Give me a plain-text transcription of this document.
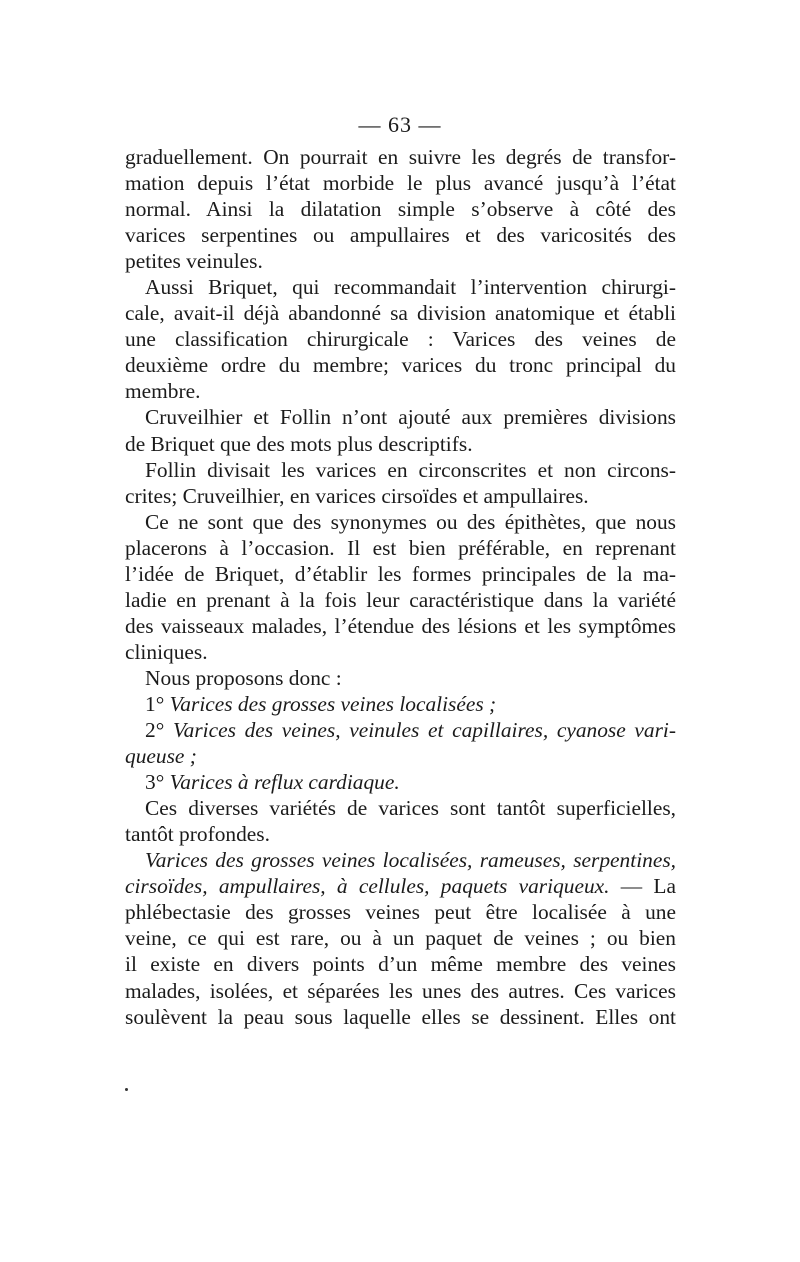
— 63 —
graduellement. On pourrait en suivre les degrés de transfor-
mation depuis l’état morbide le plus avancé jusqu’à l’état
normal. Ainsi la dilatation simple s’observe à côté des
varices serpentines ou ampullaires et des varicosités des
petites veinules.
Aussi Briquet, qui recommandait l’intervention chirurgi-
cale, avait-il déjà abandonné sa division anatomique et établi
une classification chirurgicale : Varices des veines de
deuxième ordre du membre; varices du tronc principal du
membre.
Cruveilhier et Follin n’ont ajouté aux premières divisions
de Briquet que des mots plus descriptifs.
Follin divisait les varices en circonscrites et non circons-
crites; Cruveilhier, en varices cirsoïdes et ampullaires.
Ce ne sont que des synonymes ou des épithètes, que nous
placerons à l’occasion. Il est bien préférable, en reprenant
l’idée de Briquet, d’établir les formes principales de la ma-
ladie en prenant à la fois leur caractéristique dans la variété
des vaisseaux malades, l’étendue des lésions et les symptômes
cliniques.
Nous proposons donc :
1° Varices des grosses veines localisées ;
2° Varices des veines, veinules et capillaires, cyanose vari-
queuse ;
3° Varices à reflux cardiaque.
Ces diverses variétés de varices sont tantôt superficielles,
tantôt profondes.
Varices des grosses veines localisées, rameuses, serpentines,
cirsoïdes, ampullaires, à cellules, paquets variqueux. — La
phlébectasie des grosses veines peut être localisée à une
veine, ce qui est rare, ou à un paquet de veines ; ou bien
il existe en divers points d’un même membre des veines
malades, isolées, et séparées les unes des autres. Ces varices
soulèvent la peau sous laquelle elles se dessinent. Elles ont
